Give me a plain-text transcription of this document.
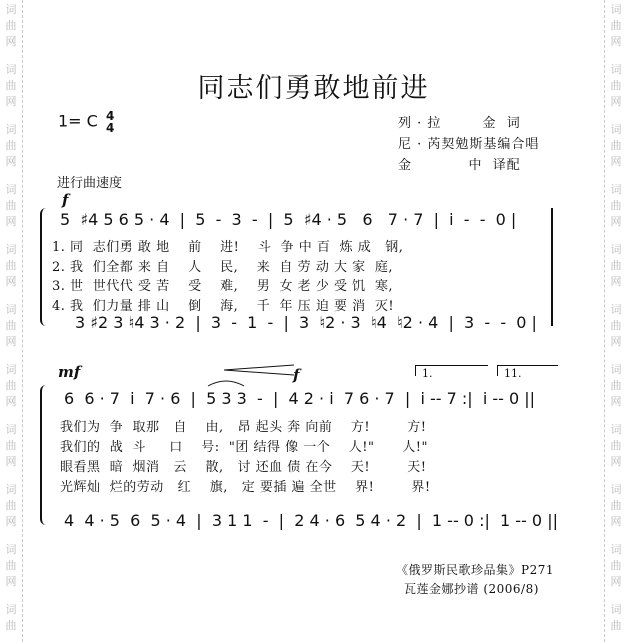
词
曲
网
词
曲
网
词
曲
网
词
曲
网
词
曲
网
词
曲
网
词
曲
网
词
曲
网
词
曲
网
词
曲
网
词
曲
词
曲
网
词
曲
网
词
曲
网
词
曲
网
词
曲
网
词
曲
网
词
曲
网
词
曲
网
词
曲
网
词
曲
网
词
曲
同志们勇敢地前进
1= C 4
4	列 · 拉        金  词
尼 · 芮契勉斯基编合唱
金           中  译配
进行曲速度
f
5  ♯4 5 6 5 · 4  |  5  -  3  -  |  5  ♯4 · 5   6   7 · 7  |  i  -  -  0 |
1. 同  志们勇 敢 地    前    进!    斗  争 中 百  炼 成   钢,
2. 我  们全都 来 自    人    民,    来  自 劳 动 大 家  庭,
3. 世  世代代 受 苦    受    难,    男  女 老 少 受 饥  寒,
4. 我  们力量 排 山    倒    海,    千  年 压 迫 要 消  灭!
3 ♯2 3 ♮4 3 · 2  |  3  -  1  -  |  3  ♮2 · 3  ♮4  ♮2 · 4  |  3  -  -  0 |
mf	f	1.	11.
6  6 · 7  i  7 · 6  |  5 3 3  -  |  4 2 · i  7 6 · 7  |  i -- 7 :|  i -- 0 ||
我们为  争  取那   自    由,   昂 起头 奔 向前    方!        方!
我们的  战  斗     口    号:  "团 结得 像 一个    人!"      人!"
眼看黑  暗  烟消   云    散,   讨 还血 债 在今    天!        天!
光辉灿  烂的劳动   红    旗,   定 要插 遍 全世    界!        界!
4  4 · 5  6  5 · 4  |  3 1 1  -  |  2 4 · 6  5 4 · 2  |  1 -- 0 :|  1 -- 0 ||
《俄罗斯民歌珍品集》P271
瓦莲金娜抄谱 (2006/8)
